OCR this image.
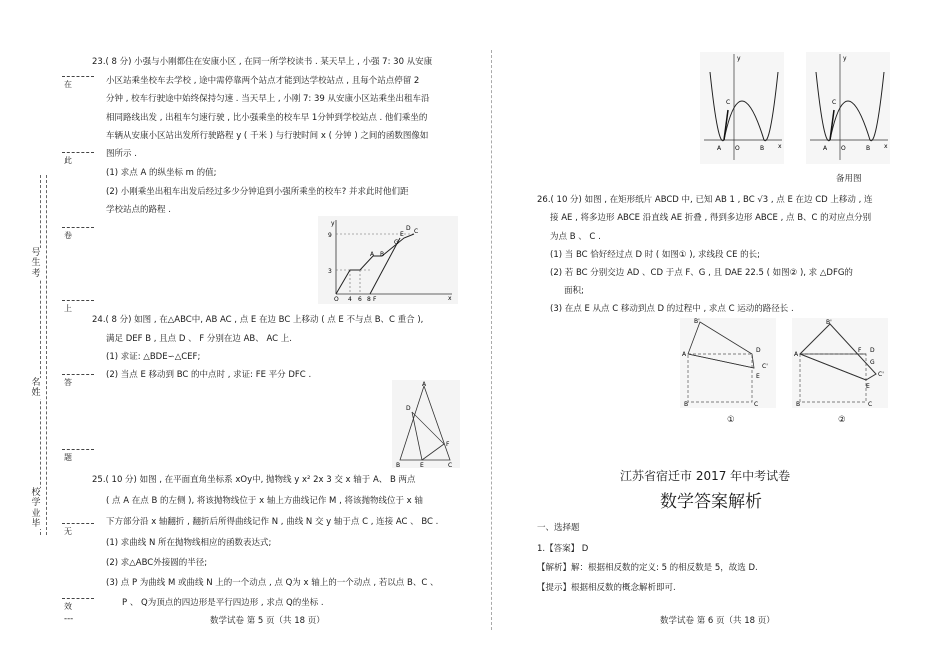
号
生
考
名
姓
校
学
业
毕
在
此
卷
上
答
题
无
效
---
23.( 8 分) 小强与小刚都住在安康小区 , 在同一所学校读书 . 某天早上 , 小强 7: 30 从安康
小区站乘坐校车去学校 , 途中需停靠两个站点才能到达学校站点 , 且每个站点停留 2
分钟 , 校车行驶途中始终保持匀速 . 当天早上 , 小刚 7: 39 从安康小区站乘坐出租车沿
相同路线出发 , 出租车匀速行驶 , 比小强乘坐的校车早 1分钟到学校站点 . 他们乘坐的
车辆从安康小区站出发所行驶路程 y ( 千米 ) 与行驶时间 x ( 分钟 ) 之间的函数图像如
图所示 .
(1) 求点 A 的纵坐标 m 的值;
(2) 小刚乘坐出租车出发后经过多少分钟追到小强所乘坐的校车? 并求此时他们距
学校站点的路程 .
y
9
3
O 4 6 8 F	x
A B
G
E C
D
24.( 8 分) 如图 , 在△ABC中, AB AC , 点 E 在边 BC 上移动 ( 点 E 不与点 B、C 重合 ),
满足 DEF B , 且点 D 、 F 分别在边 AB、 AC 上.
(1) 求证: △BDE∽△CEF;
(2) 当点 E 移动到 BC 的中点时 , 求证: FE 平分 DFC .
A
D
F
B	E	C
25.( 10 分) 如图 , 在平面直角坐标系 xOy中, 抛物线 y x² 2x 3 交 x 轴于 A、 B 两点
( 点 A 在点 B 的左侧 ), 将该抛物线位于 x 轴上方曲线记作 M , 将该抛物线位于 x 轴
下方部分沿 x 轴翻折 , 翻折后所得曲线记作 N , 曲线 N 交 y 轴于点 C , 连接 AC 、 BC .
(1) 求曲线 N 所在抛物线相应的函数表达式;
(2) 求△ABC外接圆的半径;
(3) 点 P 为曲线 M 或曲线 N 上的一个动点 , 点 Q为 x 轴上的一个动点 , 若以点 B、C 、
P 、 Q为顶点的四边形是平行四边形 , 求点 Q的坐标 .
数学试卷 第 5 页（共 18 页）
y
C
A O	B x
y
C
A O	B x
备用图
26.( 10 分) 如图 , 在矩形纸片 ABCD 中, 已知 AB 1 , BC √3 , 点 E 在边 CD 上移动 , 连
接 AE , 将多边形 ABCE 沿直线 AE 折叠 , 得到多边形 ABCE , 点 B、C 的对应点分别
为点 B 、 C .
(1) 当 BC 恰好经过点 D 时 ( 如图① ), 求线段 CE 的长;
(2) 若 BC 分别交边 AD 、CD 于点 F、G , 且 DAE 22.5 ( 如图② ), 求 △DFG的
面积;
(3) 在点 E 从点 C 移动到点 D 的过程中 , 求点 C 运动的路径长 .
B'
A
D
C'
E
B	C
B'
A
D
C'
E
B	C
F
G
①	②
江苏省宿迁市 2017 年中考试卷
数学答案解析
一、选择题
1.【答案】 D
【解析】解：根据相反数的定义: 5 的相反数是 5，故选 D.
【提示】根据相反数的概念解析即可.
数学试卷 第 6 页（共 18 页）
